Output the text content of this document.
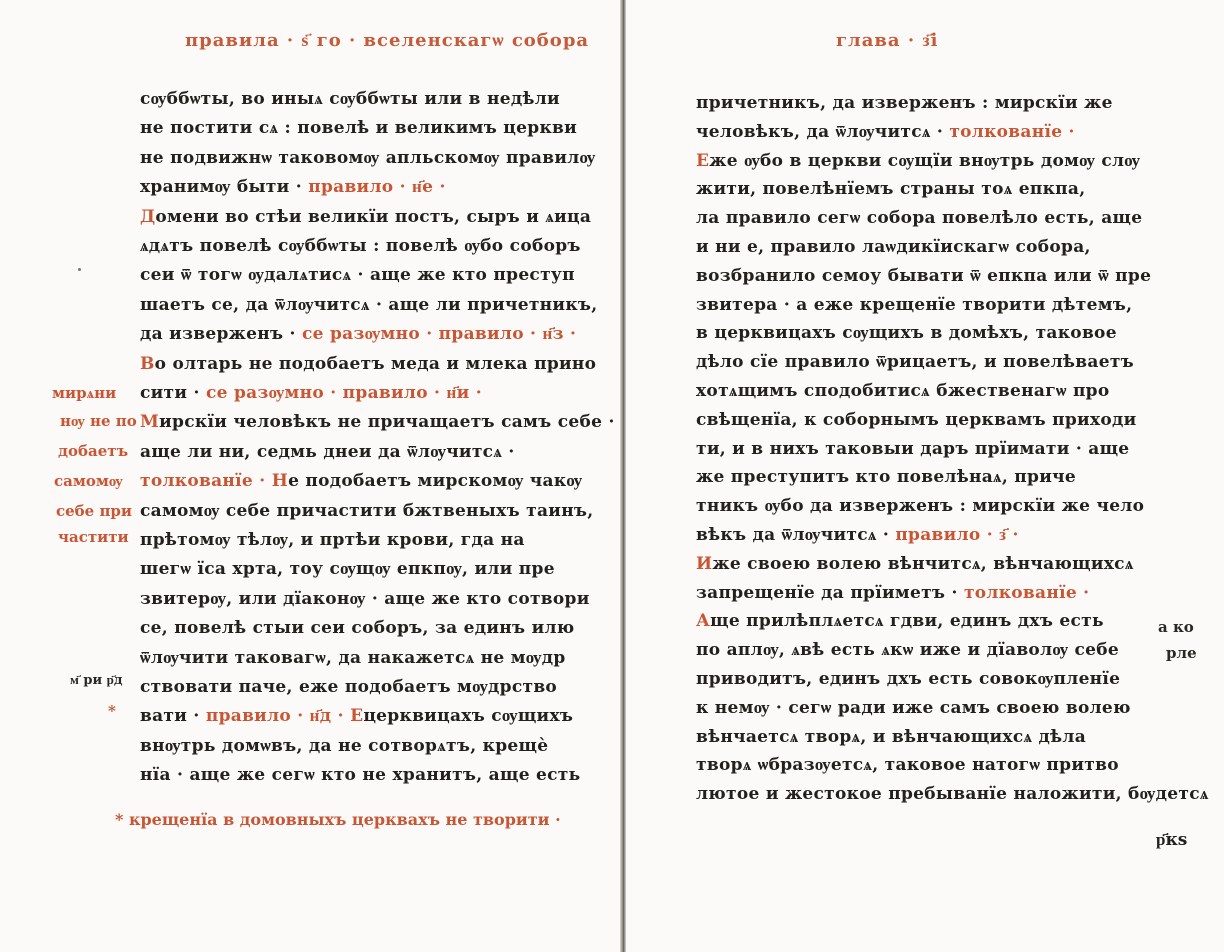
правила · ѕ҃ го · вселенскагѡ собора
сѹббѡты, во иныѧ сѹббѡты или в недѣли
не постити сѧ : повелѣ и великимъ церкви
не подвижнѡ таковомѹ апльскомѹ правилѹ
хранимѹ быти · правило · н҃е ·
Домени во стѣи великїи постъ, сыръ и ѧица
ѧдѧтъ повелѣ сѹббѡты : повелѣ ѹбо соборъ
сеи ѿ тогѡ ѹдалѧтисѧ · аще же кто преступ
шаетъ се, да ѿлѹчитсѧ · аще ли причетникъ,
да изверженъ · се разѹмно · правило · н҃з ·
Во олтарь не подобаетъ меда и млека прино
сити · се разѹмно · правило · н҃и ·
Мирскїи человѣкъ не причащаетъ самъ себе ·
аще ли ни, седмь днеи да ѿлѹчитсѧ ·
толкованїе · Не подобаетъ мирскомѹ чакѹ
самомѹ себе причастити бжтвеныхъ таинъ,
прѣтомѹ тѣлѹ, и пртѣи крови, гда на
шегѡ їса хрта, тоу сѹщѹ епкпѹ, или пре
звитерѹ, или дїаконѹ · аще же кто сотвори
се, повелѣ стыи сеи соборъ, за единъ илю
ѿлѹчити таковагѡ, да накажетсѧ не мѹдр
ствовати паче, еже подобаетъ мѹдрство
вати · правило · н҃д · Ецерквицахъ сѹщихъ
внѹтрь домѡвъ, да не сотворѧтъ, крещѐ
нїа · аще же сегѡ кто не хранитъ, аще есть
мирѧни
нѹ не по
добаетъ
самомѹ
себе при
частити
м҃ ри р҃д
*
* крещенїа в домовныхъ церквахъ не творити ·
глава · з҃і
причетникъ, да изверженъ : мирскїи же
человѣкъ, да ѿлѹчитсѧ · толкованїе ·
Еже ѹбо в церкви сѹщїи внѹтрь домѹ слѹ
жити, повелѣнїемъ страны тоѧ епкпа,
ла правило сегѡ собора повелѣло есть, аще
и ни е, правило лаѡдикїискагѡ собора,
возбранило семоу бывати ѿ епкпа или ѿ пре
звитера · а еже крещенїе творити дѣтемъ,
в церквицахъ сѹщихъ в домѣхъ, таковое
дѣло сїе правило ѿрицаетъ, и повелѣваетъ
хотѧщимъ сподобитисѧ бжественагѡ про
свѣщенїа, к соборнымъ церквамъ приходи
ти, и в нихъ таковыи даръ прїимати · аще
же преступитъ кто повелѣнаѧ, приче
тникъ ѹбо да изверженъ : мирскїи же чело
вѣкъ да ѿлѹчитсѧ · правило · з҃ ·
Иже своею волею вѣнчитсѧ, вѣнчающихсѧ
запрещенїе да прїиметъ · толкованїе ·
Аще прилѣплѧетсѧ гдви, единъ дхъ есть
по аплѹ, ѧвѣ есть ѧкѡ иже и дїаволѹ себе
приводитъ, единъ дхъ есть совокѹпленїе
к немѹ · сегѡ ради иже самъ своею волею
вѣнчаетсѧ творѧ, и вѣнчающихсѧ дѣла
творѧ ѡбразѹетсѧ, таковое натогѡ притво
лютое и жестокое пребыванїе наложити, бѹдетсѧ
а ко
рле
р҃кѕ
